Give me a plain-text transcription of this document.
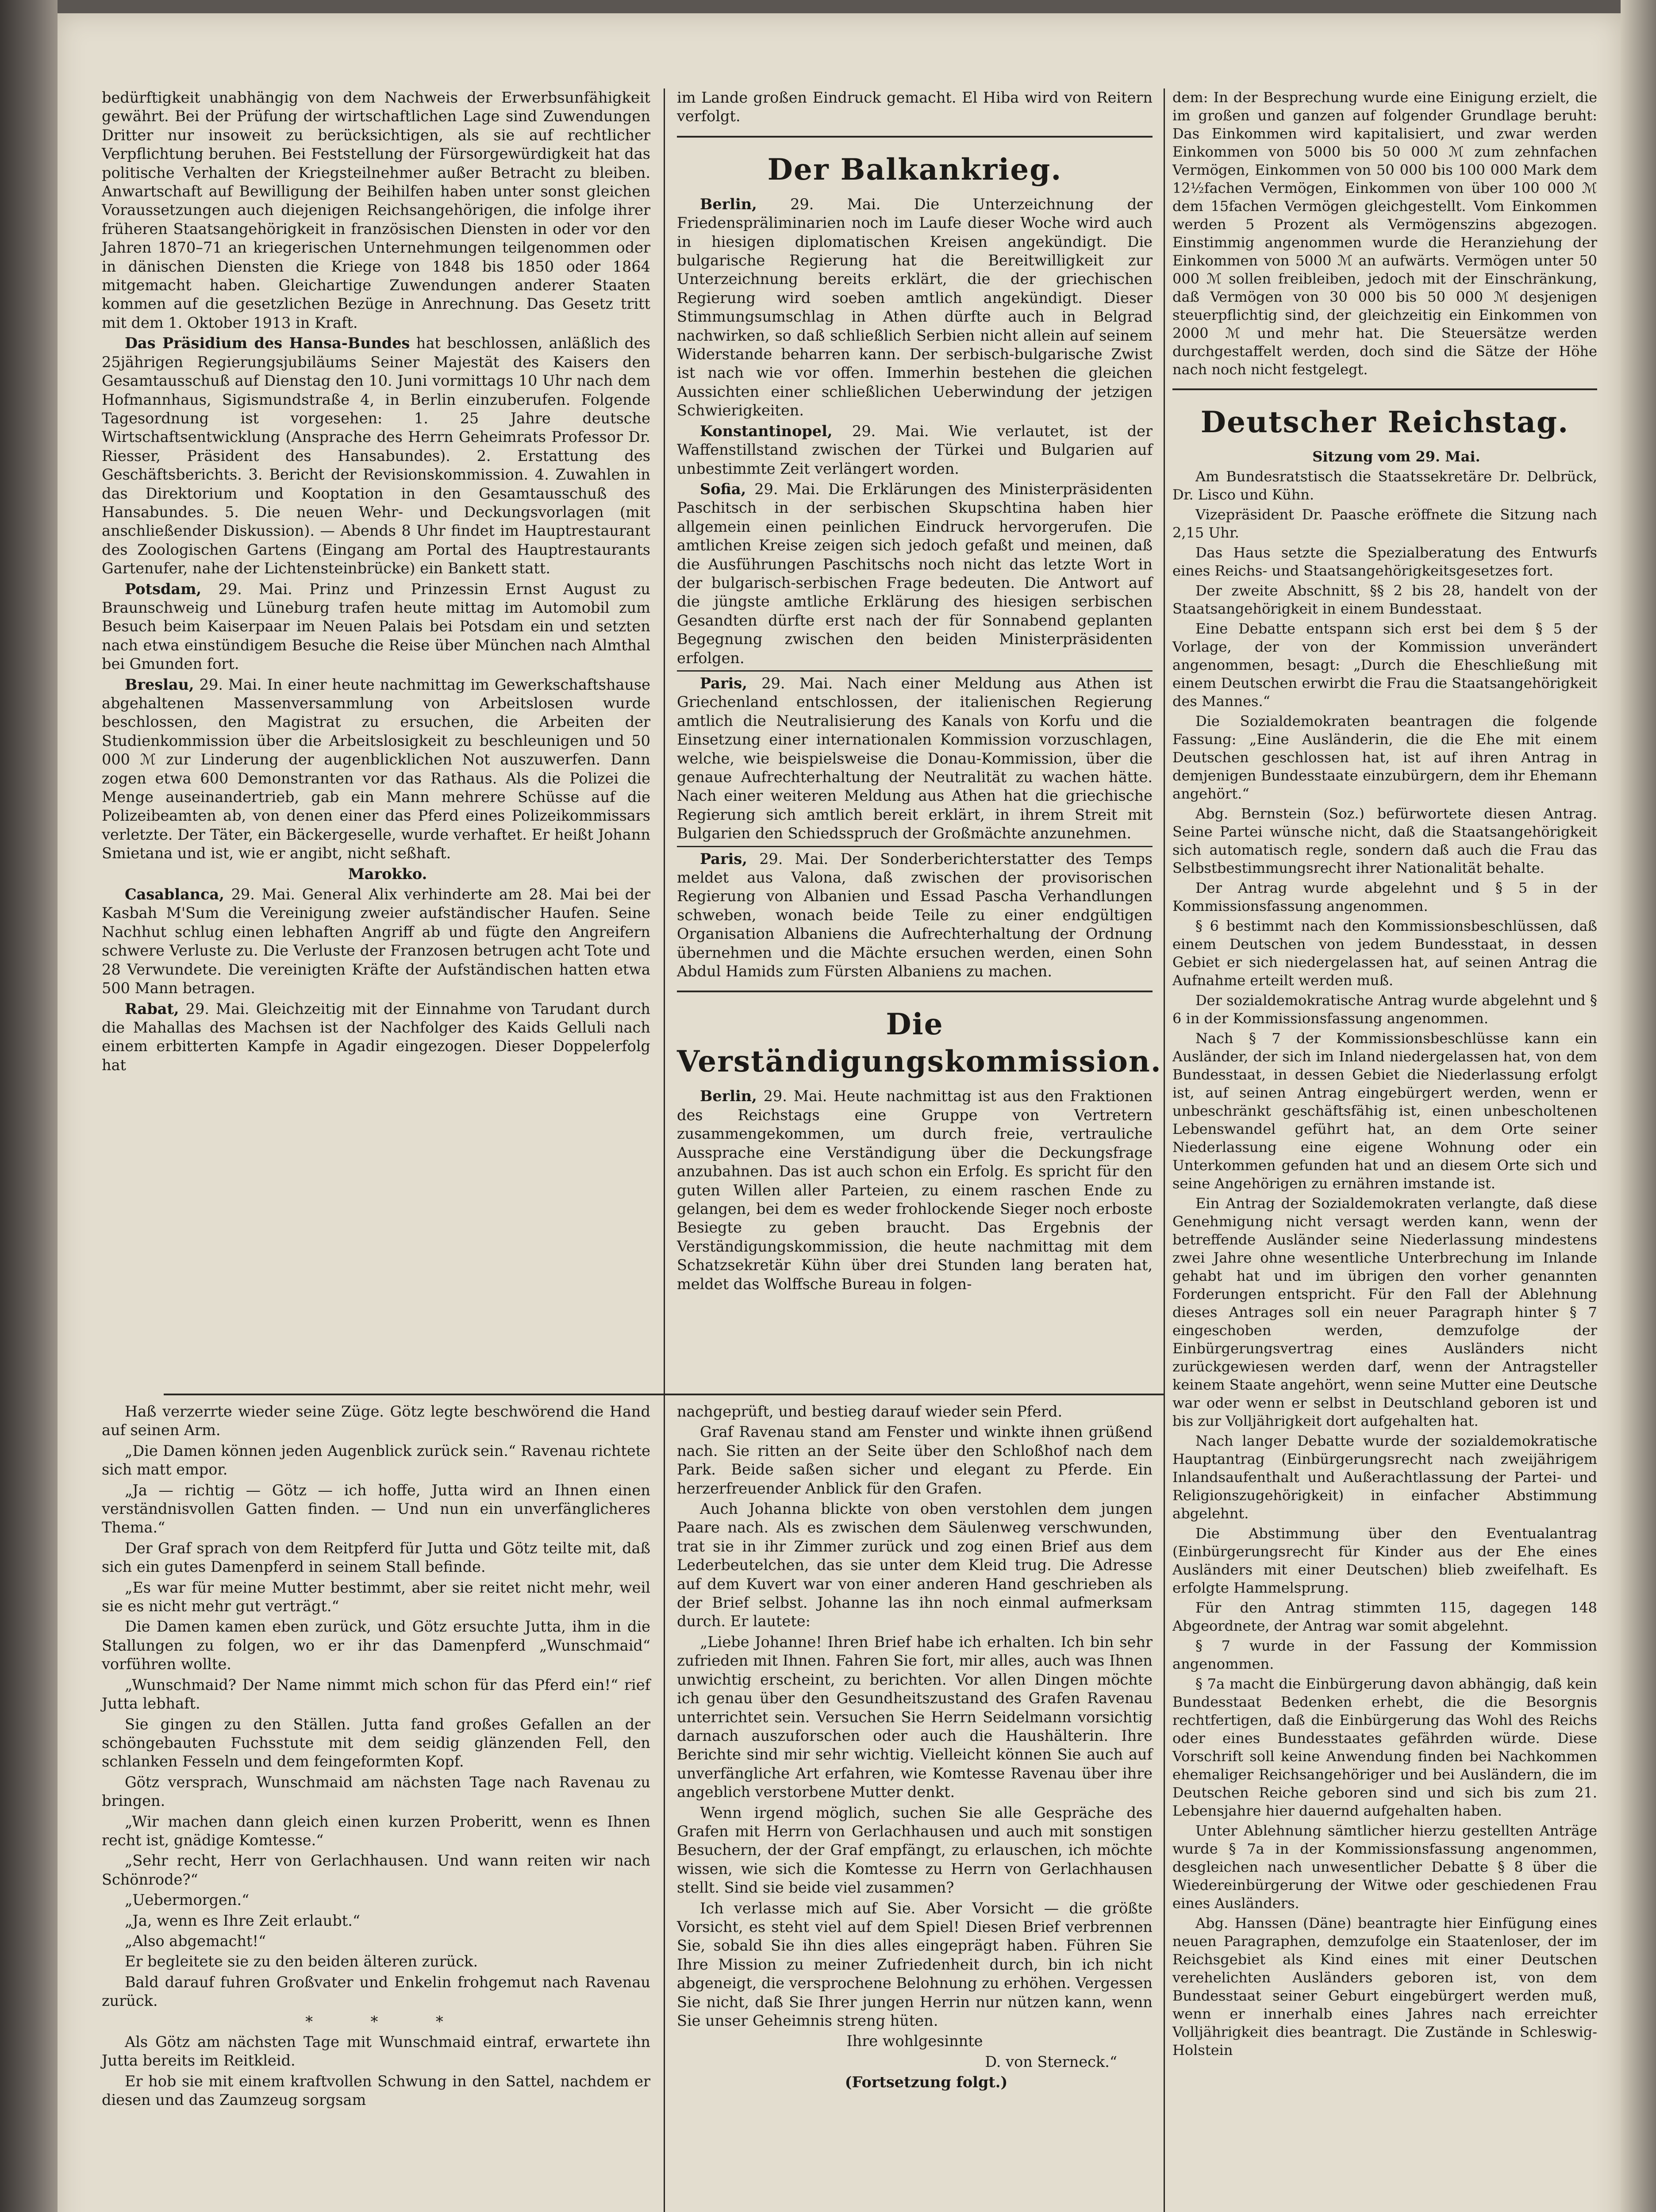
bedürftigkeit unabhängig von dem Nachweis der Erwerbsunfähigkeit gewährt. Bei der Prüfung der wirtschaftlichen Lage sind Zuwendungen Dritter nur insoweit zu berücksichtigen, als sie auf rechtlicher Verpflichtung beruhen. Bei Feststellung der Fürsorgewürdigkeit hat das politische Verhalten der Kriegsteilnehmer außer Betracht zu bleiben. Anwartschaft auf Bewilligung der Beihilfen haben unter sonst gleichen Voraussetzungen auch diejenigen Reichsangehörigen, die infolge ihrer früheren Staatsangehörigkeit in französischen Diensten in oder vor den Jahren 1870–71 an kriegerischen Unternehmungen teilgenommen oder in dänischen Diensten die Kriege von 1848 bis 1850 oder 1864 mitgemacht haben. Gleichartige Zuwendungen anderer Staaten kommen auf die gesetzlichen Bezüge in Anrechnung. Das Gesetz tritt mit dem 1. Oktober 1913 in Kraft.

Das Präsidium des Hansa-Bundes hat beschlossen, anläßlich des 25jährigen Regierungsjubiläums Seiner Majestät des Kaisers den Gesamtausschuß auf Dienstag den 10. Juni vormittags 10 Uhr nach dem Hofmannhaus, Sigismundstraße 4, in Berlin einzuberufen. Folgende Tagesordnung ist vorgesehen: 1. 25 Jahre deutsche Wirtschaftsentwicklung (Ansprache des Herrn Geheimrats Professor Dr. Riesser, Präsident des Hansabundes). 2. Erstattung des Geschäftsberichts. 3. Bericht der Revisionskommission. 4. Zuwahlen in das Direktorium und Kooptation in den Gesamtausschuß des Hansabundes. 5. Die neuen Wehr- und Deckungsvorlagen (mit anschließender Diskussion). — Abends 8 Uhr findet im Hauptrestaurant des Zoologischen Gartens (Eingang am Portal des Hauptrestaurants Gartenufer, nahe der Lichtensteinbrücke) ein Bankett statt.

Potsdam, 29. Mai. Prinz und Prinzessin Ernst August zu Braunschweig und Lüneburg trafen heute mittag im Automobil zum Besuch beim Kaiserpaar im Neuen Palais bei Potsdam ein und setzten nach etwa einstündigem Besuche die Reise über München nach Almthal bei Gmunden fort.

Breslau, 29. Mai. In einer heute nachmittag im Gewerkschaftshause abgehaltenen Massenversammlung von Arbeitslosen wurde beschlossen, den Magistrat zu ersuchen, die Arbeiten der Studienkommission über die Arbeitslosigkeit zu beschleunigen und 50 000 ℳ zur Linderung der augenblicklichen Not auszuwerfen. Dann zogen etwa 600 Demonstranten vor das Rathaus. Als die Polizei die Menge auseinandertrieb, gab ein Mann mehrere Schüsse auf die Polizeibeamten ab, von denen einer das Pferd eines Polizeikommissars verletzte. Der Täter, ein Bäckergeselle, wurde verhaftet. Er heißt Johann Smietana und ist, wie er angibt, nicht seßhaft.

Marokko.

Casablanca, 29. Mai. General Alix verhinderte am 28. Mai bei der Kasbah M'Sum die Vereinigung zweier aufständischer Haufen. Seine Nachhut schlug einen lebhaften Angriff ab und fügte den Angreifern schwere Verluste zu. Die Verluste der Franzosen betrugen acht Tote und 28 Verwundete. Die vereinigten Kräfte der Aufständischen hatten etwa 500 Mann betragen.

Rabat, 29. Mai. Gleichzeitig mit der Einnahme von Tarudant durch die Mahallas des Machsen ist der Nachfolger des Kaids Gelluli nach einem erbitterten Kampfe in Agadir eingezogen. Dieser Doppelerfolg hat

im Lande großen Eindruck gemacht. El Hiba wird von Reitern verfolgt.

Der Balkankrieg.

Berlin, 29. Mai. Die Unterzeichnung der Friedenspräliminarien noch im Laufe dieser Woche wird auch in hiesigen diplomatischen Kreisen angekündigt. Die bulgarische Regierung hat die Bereitwilligkeit zur Unterzeichnung bereits erklärt, die der griechischen Regierung wird soeben amtlich angekündigt. Dieser Stimmungsumschlag in Athen dürfte auch in Belgrad nachwirken, so daß schließlich Serbien nicht allein auf seinem Widerstande beharren kann. Der serbisch-bulgarische Zwist ist nach wie vor offen. Immerhin bestehen die gleichen Aussichten einer schließlichen Ueberwindung der jetzigen Schwierigkeiten.

Konstantinopel, 29. Mai. Wie verlautet, ist der Waffenstillstand zwischen der Türkei und Bulgarien auf unbestimmte Zeit verlängert worden.

Sofia, 29. Mai. Die Erklärungen des Ministerpräsidenten Paschitsch in der serbischen Skupschtina haben hier allgemein einen peinlichen Eindruck hervorgerufen. Die amtlichen Kreise zeigen sich jedoch gefaßt und meinen, daß die Ausführungen Paschitschs noch nicht das letzte Wort in der bulgarisch-serbischen Frage bedeuten. Die Antwort auf die jüngste amtliche Erklärung des hiesigen serbischen Gesandten dürfte erst nach der für Sonnabend geplanten Begegnung zwischen den beiden Ministerpräsidenten erfolgen.

Paris, 29. Mai. Nach einer Meldung aus Athen ist Griechenland entschlossen, der italienischen Regierung amtlich die Neutralisierung des Kanals von Korfu und die Einsetzung einer internationalen Kommission vorzuschlagen, welche, wie beispielsweise die Donau-Kommission, über die genaue Aufrechterhaltung der Neutralität zu wachen hätte. Nach einer weiteren Meldung aus Athen hat die griechische Regierung sich amtlich bereit erklärt, in ihrem Streit mit Bulgarien den Schiedsspruch der Großmächte anzunehmen.

Paris, 29. Mai. Der Sonderberichterstatter des Temps meldet aus Valona, daß zwischen der provisorischen Regierung von Albanien und Essad Pascha Verhandlungen schweben, wonach beide Teile zu einer endgültigen Organisation Albaniens die Aufrechterhaltung der Ordnung übernehmen und die Mächte ersuchen werden, einen Sohn Abdul Hamids zum Fürsten Albaniens zu machen.

Die Verständigungskommission.

Berlin, 29. Mai. Heute nachmittag ist aus den Fraktionen des Reichstags eine Gruppe von Vertretern zusammengekommen, um durch freie, vertrauliche Aussprache eine Verständigung über die Deckungsfrage anzubahnen. Das ist auch schon ein Erfolg. Es spricht für den guten Willen aller Parteien, zu einem raschen Ende zu gelangen, bei dem es weder frohlockende Sieger noch erboste Besiegte zu geben braucht. Das Ergebnis der Verständigungskommission, die heute nachmittag mit dem Schatzsekretär Kühn über drei Stunden lang beraten hat, meldet das Wolffsche Bureau in folgen-

dem: In der Besprechung wurde eine Einigung erzielt, die im großen und ganzen auf folgender Grundlage beruht: Das Einkommen wird kapitalisiert, und zwar werden Einkommen von 5000 bis 50 000 ℳ zum zehnfachen Vermögen, Einkommen von 50 000 bis 100 000 Mark dem 12½fachen Vermögen, Einkommen von über 100 000 ℳ dem 15fachen Vermögen gleichgestellt. Vom Einkommen werden 5 Prozent als Vermögenszins abgezogen. Einstimmig angenommen wurde die Heranziehung der Einkommen von 5000 ℳ an aufwärts. Vermögen unter 50 000 ℳ sollen freibleiben, jedoch mit der Einschränkung, daß Vermögen von 30 000 bis 50 000 ℳ desjenigen steuerpflichtig sind, der gleichzeitig ein Einkommen von 2000 ℳ und mehr hat. Die Steuersätze werden durchgestaffelt werden, doch sind die Sätze der Höhe nach noch nicht festgelegt.

Deutscher Reichstag.

Sitzung vom 29. Mai.

Am Bundesratstisch die Staatssekretäre Dr. Delbrück, Dr. Lisco und Kühn.

Vizepräsident Dr. Paasche eröffnete die Sitzung nach 2,15 Uhr.

Das Haus setzte die Spezialberatung des Entwurfs eines Reichs- und Staatsangehörigkeitsgesetzes fort.

Der zweite Abschnitt, §§ 2 bis 28, handelt von der Staatsangehörigkeit in einem Bundesstaat.

Eine Debatte entspann sich erst bei dem § 5 der Vorlage, der von der Kommission unverändert angenommen, besagt: „Durch die Eheschließung mit einem Deutschen erwirbt die Frau die Staatsangehörigkeit des Mannes.“

Die Sozialdemokraten beantragen die folgende Fassung: „Eine Ausländerin, die die Ehe mit einem Deutschen geschlossen hat, ist auf ihren Antrag in demjenigen Bundesstaate einzubürgern, dem ihr Ehemann angehört.“

Abg. Bernstein (Soz.) befürwortete diesen Antrag. Seine Partei wünsche nicht, daß die Staatsangehörigkeit sich automatisch regle, sondern daß auch die Frau das Selbstbestimmungsrecht ihrer Nationalität behalte.

Der Antrag wurde abgelehnt und § 5 in der Kommissionsfassung angenommen.

§ 6 bestimmt nach den Kommissionsbeschlüssen, daß einem Deutschen von jedem Bundesstaat, in dessen Gebiet er sich niedergelassen hat, auf seinen Antrag die Aufnahme erteilt werden muß.

Der sozialdemokratische Antrag wurde abgelehnt und § 6 in der Kommissionsfassung angenommen.

Nach § 7 der Kommissionsbeschlüsse kann ein Ausländer, der sich im Inland niedergelassen hat, von dem Bundesstaat, in dessen Gebiet die Niederlassung erfolgt ist, auf seinen Antrag eingebürgert werden, wenn er unbeschränkt geschäftsfähig ist, einen unbescholtenen Lebenswandel geführt hat, an dem Orte seiner Niederlassung eine eigene Wohnung oder ein Unterkommen gefunden hat und an diesem Orte sich und seine Angehörigen zu ernähren imstande ist.

Ein Antrag der Sozialdemokraten verlangte, daß diese Genehmigung nicht versagt werden kann, wenn der betreffende Ausländer seine Niederlassung mindestens zwei Jahre ohne wesentliche Unterbrechung im Inlande gehabt hat und im übrigen den vorher genannten Forderungen entspricht. Für den Fall der Ablehnung dieses Antrages soll ein neuer Paragraph hinter § 7 eingeschoben werden, demzufolge der Einbürgerungsvertrag eines Ausländers nicht zurückgewiesen werden darf, wenn der Antragsteller keinem Staate angehört, wenn seine Mutter eine Deutsche war oder wenn er selbst in Deutschland geboren ist und bis zur Volljährigkeit dort aufgehalten hat.

Nach langer Debatte wurde der sozialdemokratische Hauptantrag (Einbürgerungsrecht nach zweijährigem Inlandsaufenthalt und Außerachtlassung der Partei- und Religionszugehörigkeit) in einfacher Abstimmung abgelehnt.

Die Abstimmung über den Eventualantrag (Einbürgerungsrecht für Kinder aus der Ehe eines Ausländers mit einer Deutschen) blieb zweifelhaft. Es erfolgte Hammelsprung.

Für den Antrag stimmten 115, dagegen 148 Abgeordnete, der Antrag war somit abgelehnt.

§ 7 wurde in der Fassung der Kommission angenommen.

§ 7a macht die Einbürgerung davon abhängig, daß kein Bundesstaat Bedenken erhebt, die die Besorgnis rechtfertigen, daß die Einbürgerung das Wohl des Reichs oder eines Bundesstaates gefährden würde. Diese Vorschrift soll keine Anwendung finden bei Nachkommen ehemaliger Reichsangehöriger und bei Ausländern, die im Deutschen Reiche geboren sind und sich bis zum 21. Lebensjahre hier dauernd aufgehalten haben.

Unter Ablehnung sämtlicher hierzu gestellten Anträge wurde § 7a in der Kommissionsfassung angenommen, desgleichen nach unwesentlicher Debatte § 8 über die Wiedereinbürgerung der Witwe oder geschiedenen Frau eines Ausländers.

Abg. Hanssen (Däne) beantragte hier Einfügung eines neuen Paragraphen, demzufolge ein Staatenloser, der im Reichsgebiet als Kind eines mit einer Deutschen verehelichten Ausländers geboren ist, von dem Bundesstaat seiner Geburt eingebürgert werden muß, wenn er innerhalb eines Jahres nach erreichter Volljährigkeit dies beantragt. Die Zustände in Schleswig-Holstein

Haß verzerrte wieder seine Züge. Götz legte beschwörend die Hand auf seinen Arm.

„Die Damen können jeden Augenblick zurück sein.“ Ravenau richtete sich matt empor.

„Ja — richtig — Götz — ich hoffe, Jutta wird an Ihnen einen verständnisvollen Gatten finden. — Und nun ein unverfänglicheres Thema.“

Der Graf sprach von dem Reitpferd für Jutta und Götz teilte mit, daß sich ein gutes Damenpferd in seinem Stall befinde.

„Es war für meine Mutter bestimmt, aber sie reitet nicht mehr, weil sie es nicht mehr gut verträgt.“

Die Damen kamen eben zurück, und Götz ersuchte Jutta, ihm in die Stallungen zu folgen, wo er ihr das Damenpferd „Wunschmaid“ vorführen wollte.

„Wunschmaid? Der Name nimmt mich schon für das Pferd ein!“ rief Jutta lebhaft.

Sie gingen zu den Ställen. Jutta fand großes Gefallen an der schöngebauten Fuchsstute mit dem seidig glänzenden Fell, den schlanken Fesseln und dem feingeformten Kopf.

Götz versprach, Wunschmaid am nächsten Tage nach Ravenau zu bringen.

„Wir machen dann gleich einen kurzen Proberitt, wenn es Ihnen recht ist, gnädige Komtesse.“

„Sehr recht, Herr von Gerlachhausen. Und wann reiten wir nach Schönrode?“

„Uebermorgen.“

„Ja, wenn es Ihre Zeit erlaubt.“

„Also abgemacht!“

Er begleitete sie zu den beiden älteren zurück.

Bald darauf fuhren Großvater und Enkelin frohgemut nach Ravenau zurück.

* * *

Als Götz am nächsten Tage mit Wunschmaid eintraf, erwartete ihn Jutta bereits im Reitkleid.

Er hob sie mit einem kraftvollen Schwung in den Sattel, nachdem er diesen und das Zaumzeug sorgsam

nachgeprüft, und bestieg darauf wieder sein Pferd.

Graf Ravenau stand am Fenster und winkte ihnen grüßend nach. Sie ritten an der Seite über den Schloßhof nach dem Park. Beide saßen sicher und elegant zu Pferde. Ein herzerfreuender Anblick für den Grafen.

Auch Johanna blickte von oben verstohlen dem jungen Paare nach. Als es zwischen dem Säulenweg verschwunden, trat sie in ihr Zimmer zurück und zog einen Brief aus dem Lederbeutelchen, das sie unter dem Kleid trug. Die Adresse auf dem Kuvert war von einer anderen Hand geschrieben als der Brief selbst. Johanne las ihn noch einmal aufmerksam durch. Er lautete:

„Liebe Johanne! Ihren Brief habe ich erhalten. Ich bin sehr zufrieden mit Ihnen. Fahren Sie fort, mir alles, auch was Ihnen unwichtig erscheint, zu berichten. Vor allen Dingen möchte ich genau über den Gesundheitszustand des Grafen Ravenau unterrichtet sein. Versuchen Sie Herrn Seidelmann vorsichtig darnach auszuforschen oder auch die Haushälterin. Ihre Berichte sind mir sehr wichtig. Vielleicht können Sie auch auf unverfängliche Art erfahren, wie Komtesse Ravenau über ihre angeblich verstorbene Mutter denkt.

Wenn irgend möglich, suchen Sie alle Gespräche des Grafen mit Herrn von Gerlachhausen und auch mit sonstigen Besuchern, der der Graf empfängt, zu erlauschen, ich möchte wissen, wie sich die Komtesse zu Herrn von Gerlachhausen stellt. Sind sie beide viel zusammen?

Ich verlasse mich auf Sie. Aber Vorsicht — die größte Vorsicht, es steht viel auf dem Spiel! Diesen Brief verbrennen Sie, sobald Sie ihn dies alles eingeprägt haben. Führen Sie Ihre Mission zu meiner Zufriedenheit durch, bin ich nicht abgeneigt, die versprochene Belohnung zu erhöhen. Vergessen Sie nicht, daß Sie Ihrer jungen Herrin nur nützen kann, wenn Sie unser Geheimnis streng hüten.

Ihre wohlgesinnte

D. von Sterneck.“

(Fortsetzung folgt.)
